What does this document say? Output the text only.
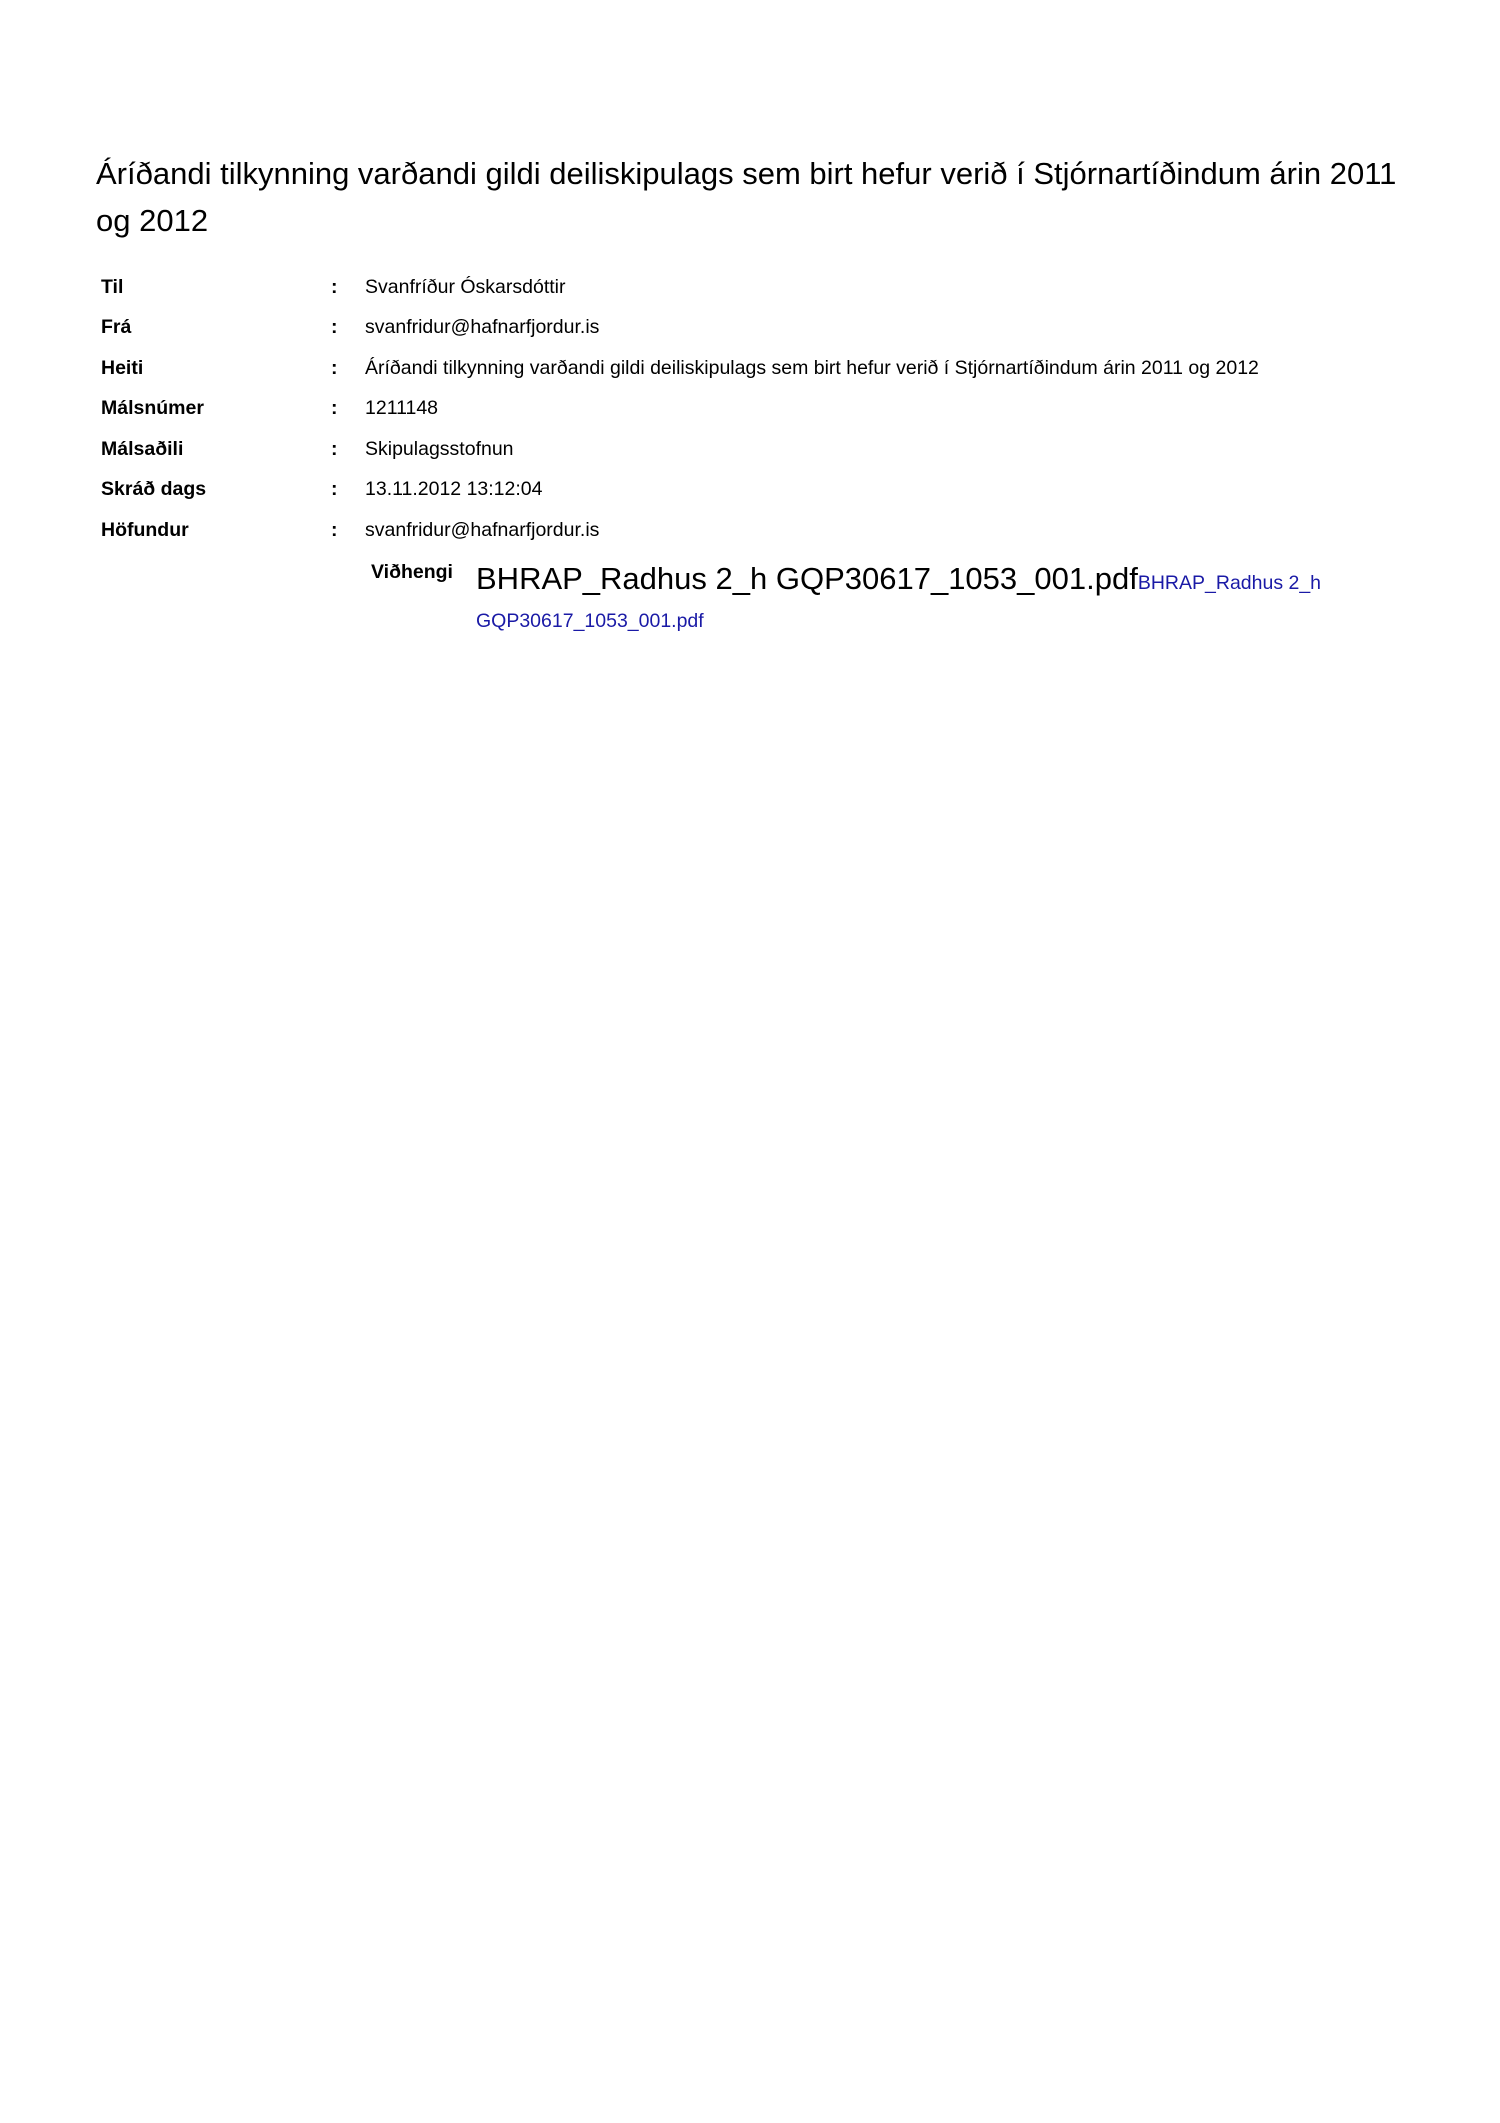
Áríðandi tilkynning varðandi gildi deiliskipulags sem birt hefur verið í Stjórnartíðindum árin 2011 og 2012
Til	:	Svanfríður Óskarsdóttir
Frá	:	svanfridur@hafnarfjordur.is
Heiti	:	Áríðandi tilkynning varðandi gildi deiliskipulags sem birt hefur verið í Stjórnartíðindum árin 2011 og 2012
Málsnúmer	:	1211148
Málsaðili	:	Skipulagsstofnun
Skráð dags	:	13.11.2012 13:12:04
Höfundur	:	svanfridur@hafnarfjordur.is
Viðhengi BHRAP_Radhus 2_h GQP30617_1053_001.pdfBHRAP_Radhus 2_h GQP30617_1053_001.pdf
